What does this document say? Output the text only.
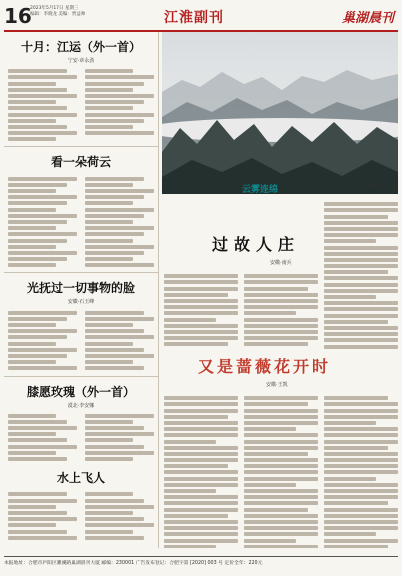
16
2023年5月17日 星期三
编辑：李晓龙 美编：贾益帅	江淮副刊	巢湖晨刊
十月：江运（外一首）
宁安·章永劲
看一朵荷云
光抚过一切事物的脸
安徽·石玉峰
膝愿玫瑰（外一首）
漠北·李安娜
水上飞人
云雾连绵	安徽·詹君无 摄
过故人庄
安徽·南兵
又是蔷薇花开时
安徽·王凯
本报地址：合肥市庐阳区濉溪路巢湖晨刊大厦 邮编：230001 广告发布登记：合肥字第 [2020] 003 号 定价全年：220元
